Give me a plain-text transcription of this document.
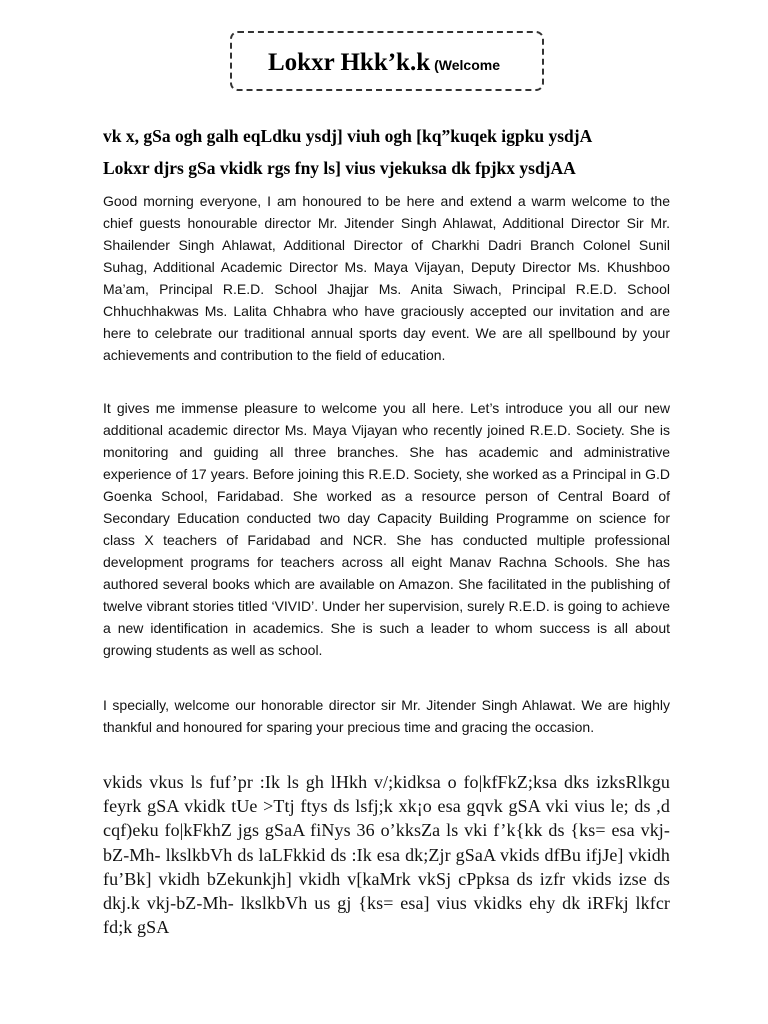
Lokxr Hkk’k.k (Welcome
vk x, gSa ogh galh eqLdku ysdj] viuh ogh [kq”kuqek igpku ysdjA
Lokxr djrs gSa vkidk rgs fny ls] vius vjekuksa dk fpjkx ysdjAA

Good morning everyone, I am honoured to be here and extend a warm welcome to the chief guests honourable director Mr. Jitender Singh Ahlawat, Additional Director Sir Mr. Shailender Singh Ahlawat, Additional Director of Charkhi Dadri Branch Colonel Sunil Suhag, Additional Academic Director Ms. Maya Vijayan, Deputy Director Ms. Khushboo Ma’am, Principal R.E.D. School Jhajjar Ms. Anita Siwach, Principal R.E.D. School Chhuchhakwas Ms. Lalita Chhabra who have graciously accepted our invitation and are here to celebrate our traditional annual sports day event. We are all spellbound by your achievements and contribution to the field of education.

It gives me immense pleasure to welcome you all here. Let’s introduce you all our new additional academic director Ms. Maya Vijayan who recently joined R.E.D. Society. She is monitoring and guiding all three branches. She has academic and administrative experience of 17 years. Before joining this R.E.D. Society, she worked as a Principal in G.D Goenka School, Faridabad. She worked as a resource person of Central Board of Secondary Education conducted two day Capacity Building Programme on science for class X teachers of Faridabad and NCR. She has conducted multiple professional development programs for teachers across all eight Manav Rachna Schools. She has authored several books which are available on Amazon. She facilitated in the publishing of twelve vibrant stories titled ‘VIVID’. Under her supervision, surely R.E.D. is going to achieve a new identification in academics. She is such a leader to whom success is all about growing students as well as school.

I specially, welcome our honorable director sir Mr. Jitender Singh Ahlawat. We are highly thankful and honoured for sparing your precious time and gracing the occasion.

vkids vkus ls fuf’pr :Ik ls gh lHkh v/;kidksa o fo|kfFkZ;ksa dks izksRlkgu feyrk gSA vkidk tUe >Ttj ftys ds lsfj;k xk¡o esa gqvk gSA vki vius le; ds ,d cqf)eku fo|kFkhZ jgs gSaA fiNys 36 o’kksZa ls vki f’k{kk ds {ks= esa vkj-bZ-Mh- lkslkbVh ds laLFkkid ds :Ik esa dk;Zjr gSaA vkids dfBu ifjJe] vkidh fu’Bk] vkidh bZekunkjh] vkidh v[kaMrk vkSj cPpksa ds izfr vkids izse ds dkj.k vkj-bZ-Mh- lkslkbVh us gj {ks= esa] vius vkidks ehy dk iRFkj lkfcr fd;k gSA
